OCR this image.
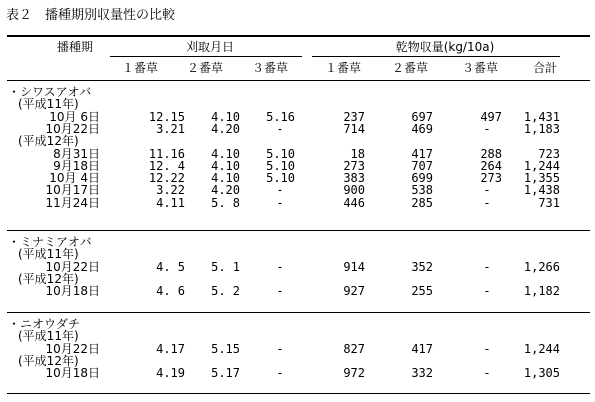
表２　播種期別収量性の比較
播種期	刈取月日	乾物収量(kg/10a)
１番草	２番草	３番草	１番草	２番草	３番草	合計
・シワスアオバ
(平成11年)
10月 6日	12.15	4.10	5.16	237	697	497	1,431
10月22日	3.21	4.20	-	714	469	-	1,183
(平成12年)
8月31日	11.16	4.10	5.10	18	417	288	723
9月18日	12. 4	4.10	5.10	273	707	264	1,244
10月 4日	12.22	4.10	5.10	383	699	273	1,355
10月17日	3.22	4.20	-	900	538	-	1,438
11月24日	4.11	5. 8	-	446	285	-	731
・ミナミアオバ
(平成11年)
10月22日	4. 5	5. 1	-	914	352	-	1,266
(平成12年)
10月18日	4. 6	5. 2	-	927	255	-	1,182
・ニオウダチ
(平成11年)
10月22日	4.17	5.15	-	827	417	-	1,244
(平成12年)
10月18日	4.19	5.17	-	972	332	-	1,305
